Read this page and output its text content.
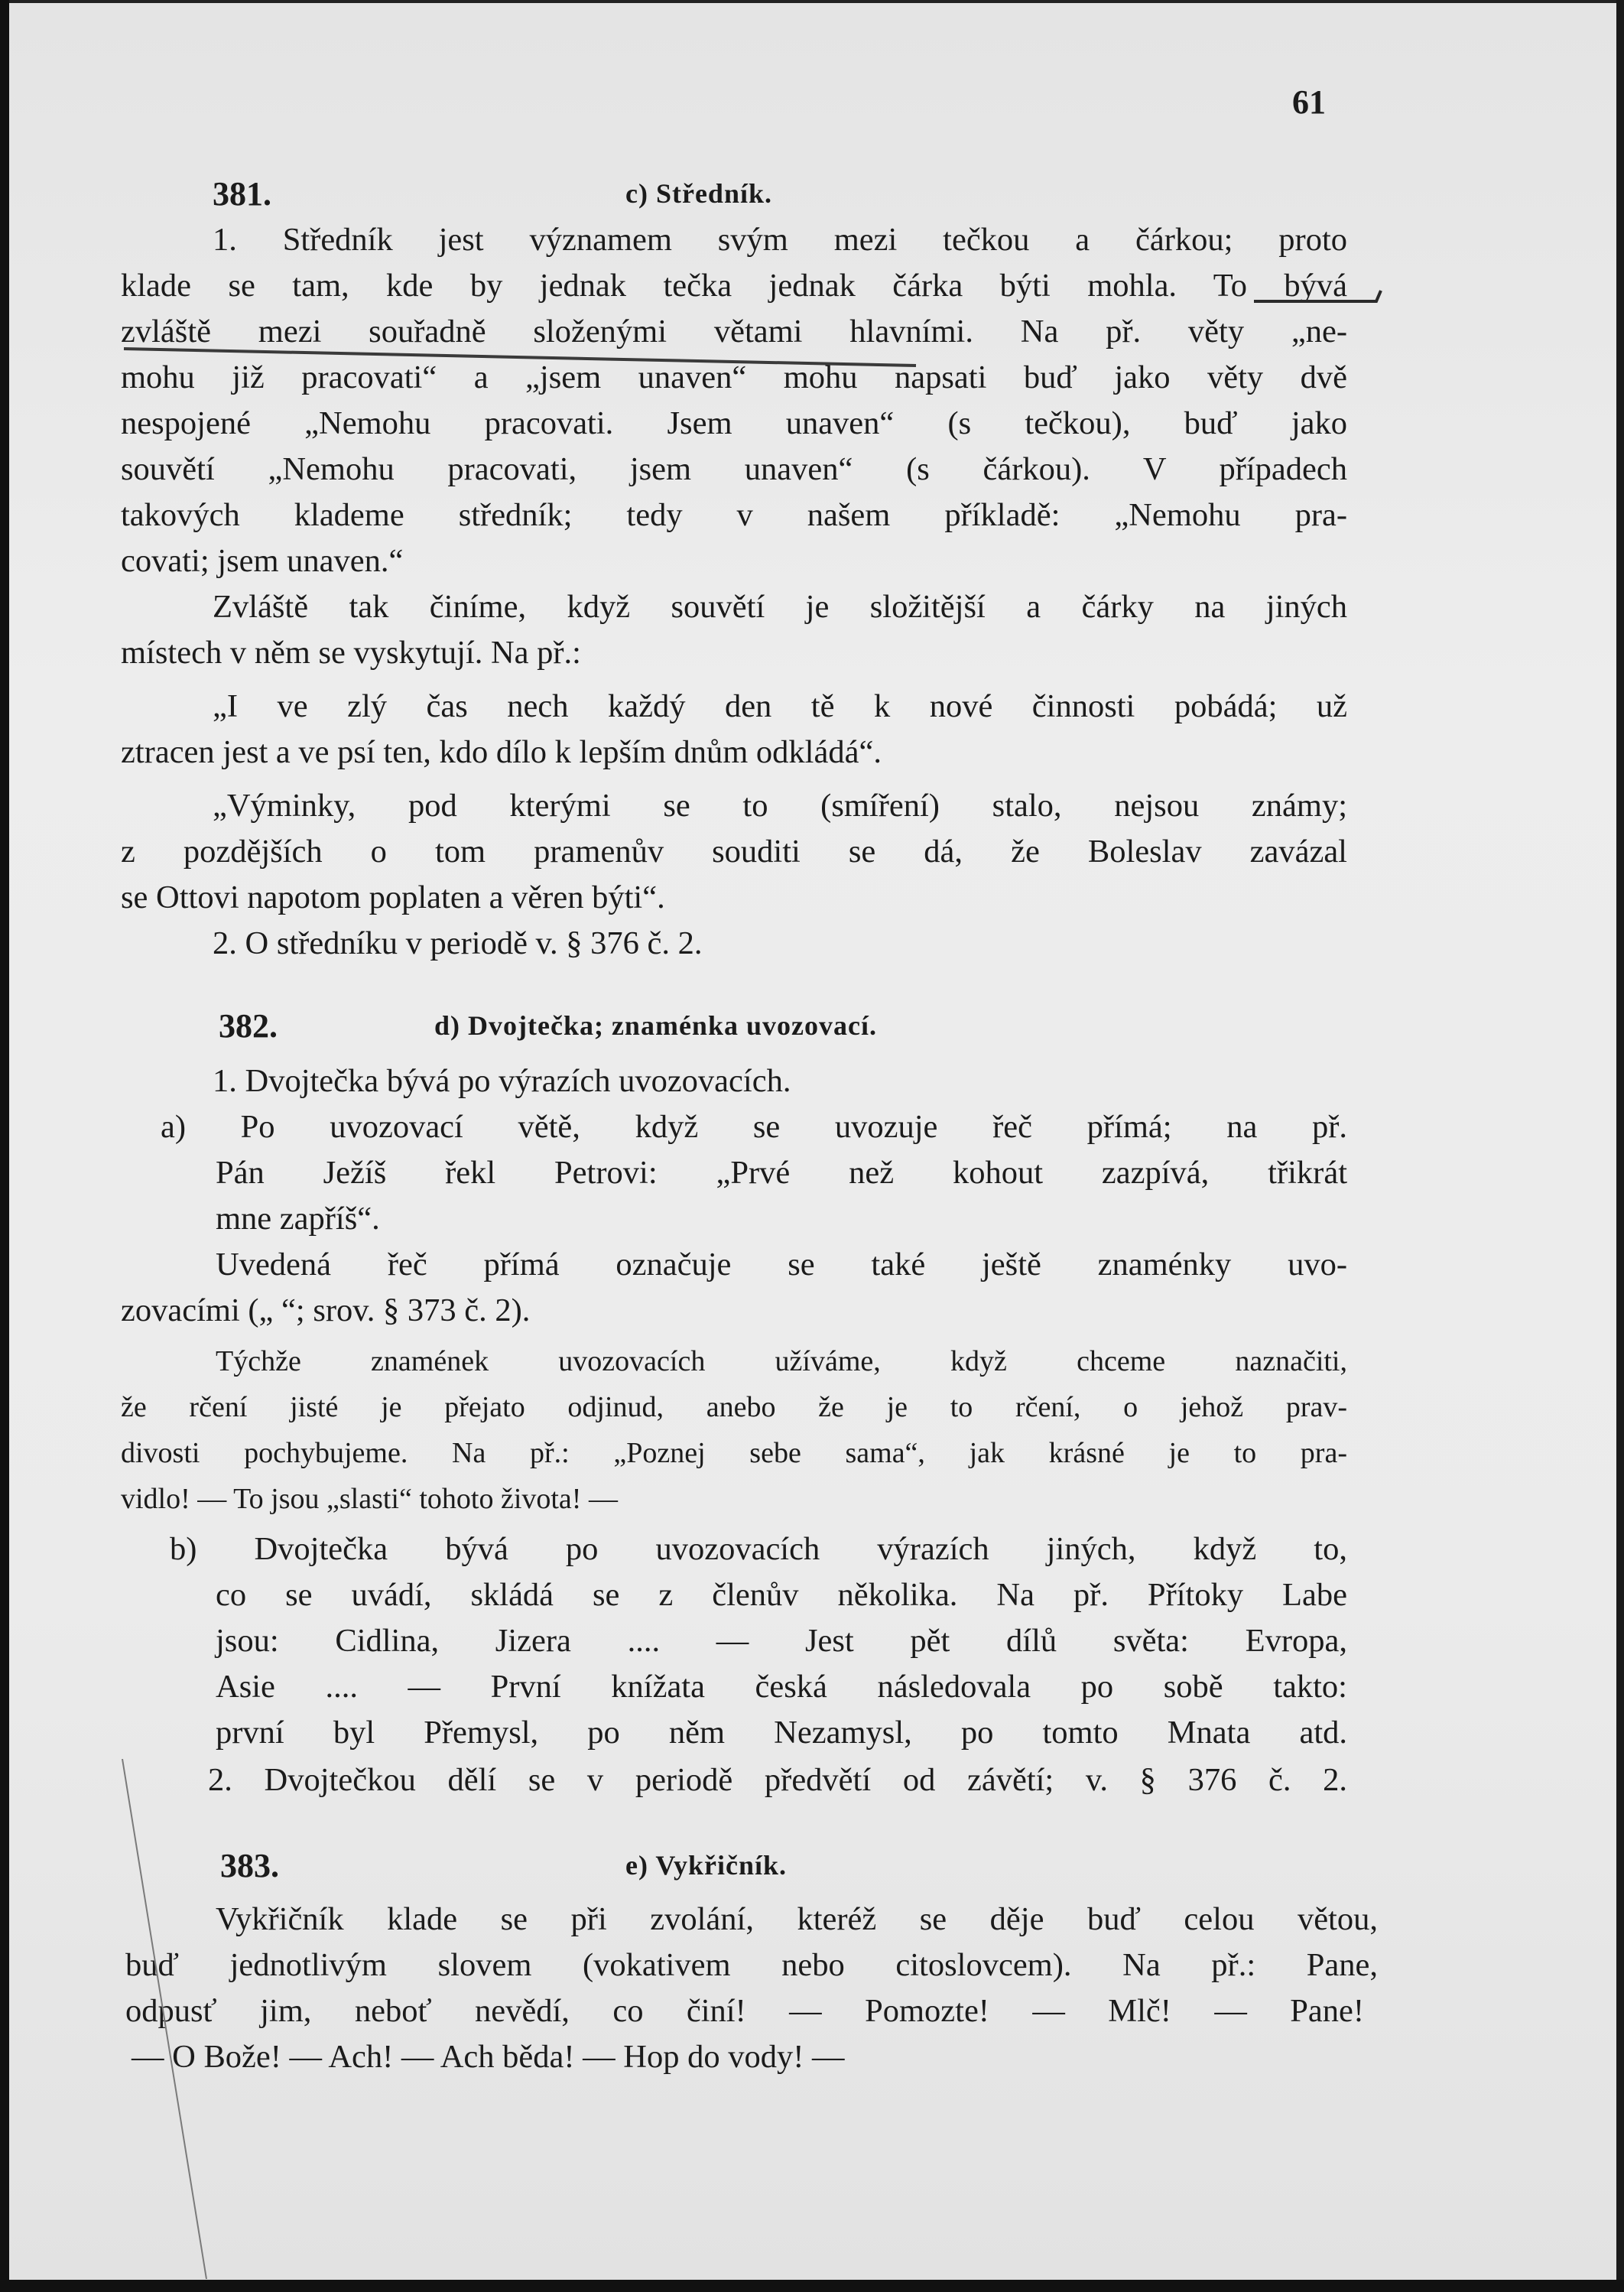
61
381.	c) Středník.
1. Středník jest významem svým mezi tečkou a čárkou; proto
klade se tam, kde by jednak tečka jednak čárka býti mohla. To bývá
zvláště mezi souřadně složenými větami hlavními. Na př. věty „ne-
mohu již pracovati“ a „jsem unaven“ mohu napsati buď jako věty dvě
nespojené „Nemohu pracovati. Jsem unaven“ (s tečkou), buď jako
souvětí „Nemohu pracovati, jsem unaven“ (s čárkou). V případech
takových klademe středník; tedy v našem příkladě: „Nemohu pra-
covati; jsem unaven.“
Zvláště tak činíme, když souvětí je složitější a čárky na jiných
místech v něm se vyskytují. Na př.:
„I ve zlý čas nech každý den tě k nové činnosti pobádá; už
ztracen jest a ve psí ten, kdo dílo k lepším dnům odkládá“.
„Výminky, pod kterými se to (smíření) stalo, nejsou známy;
z pozdějších o tom pramenův souditi se dá, že Boleslav zavázal
se Ottovi napotom poplaten a věren býti“.
2. O středníku v periodě v. § 376 č. 2.
382.	d) Dvojtečka; znaménka uvozovací.
1. Dvojtečka bývá po výrazích uvozovacích.
a) Po uvozovací větě, když se uvozuje řeč přímá; na př.
Pán Ježíš řekl Petrovi: „Prvé než kohout zazpívá, třikrát
mne zapříš“.
Uvedená řeč přímá označuje se také ještě znaménky uvo-
zovacími („ “; srov. § 373 č. 2).
Týchže znamének uvozovacích užíváme, když chceme naznačiti,
že rčení jisté je přejato odjinud, anebo že je to rčení, o jehož prav-
divosti pochybujeme. Na př.: „Poznej sebe sama“, jak krásné je to pra-
vidlo! — To jsou „slasti“ tohoto života! —
b) Dvojtečka bývá po uvozovacích výrazích jiných, když to,
co se uvádí, skládá se z členův několika. Na př. Přítoky Labe
jsou: Cidlina, Jizera .... — Jest pět dílů světa: Evropa,
Asie .... — První knížata česká následovala po sobě takto:
první byl Přemysl, po něm Nezamysl, po tomto Mnata atd.
2. Dvojtečkou dělí se v periodě předvětí od závětí; v. § 376 č. 2.
383.	e) Vykřičník.
Vykřičník klade se při zvolání, kteréž se děje buď celou větou,
buď jednotlivým slovem (vokativem nebo citoslovcem). Na př.: Pane,
odpusť jim, neboť nevědí, co činí! — Pomozte! — Mlč! — Pane!
— O Bože! — Ach! — Ach běda! — Hop do vody! —
